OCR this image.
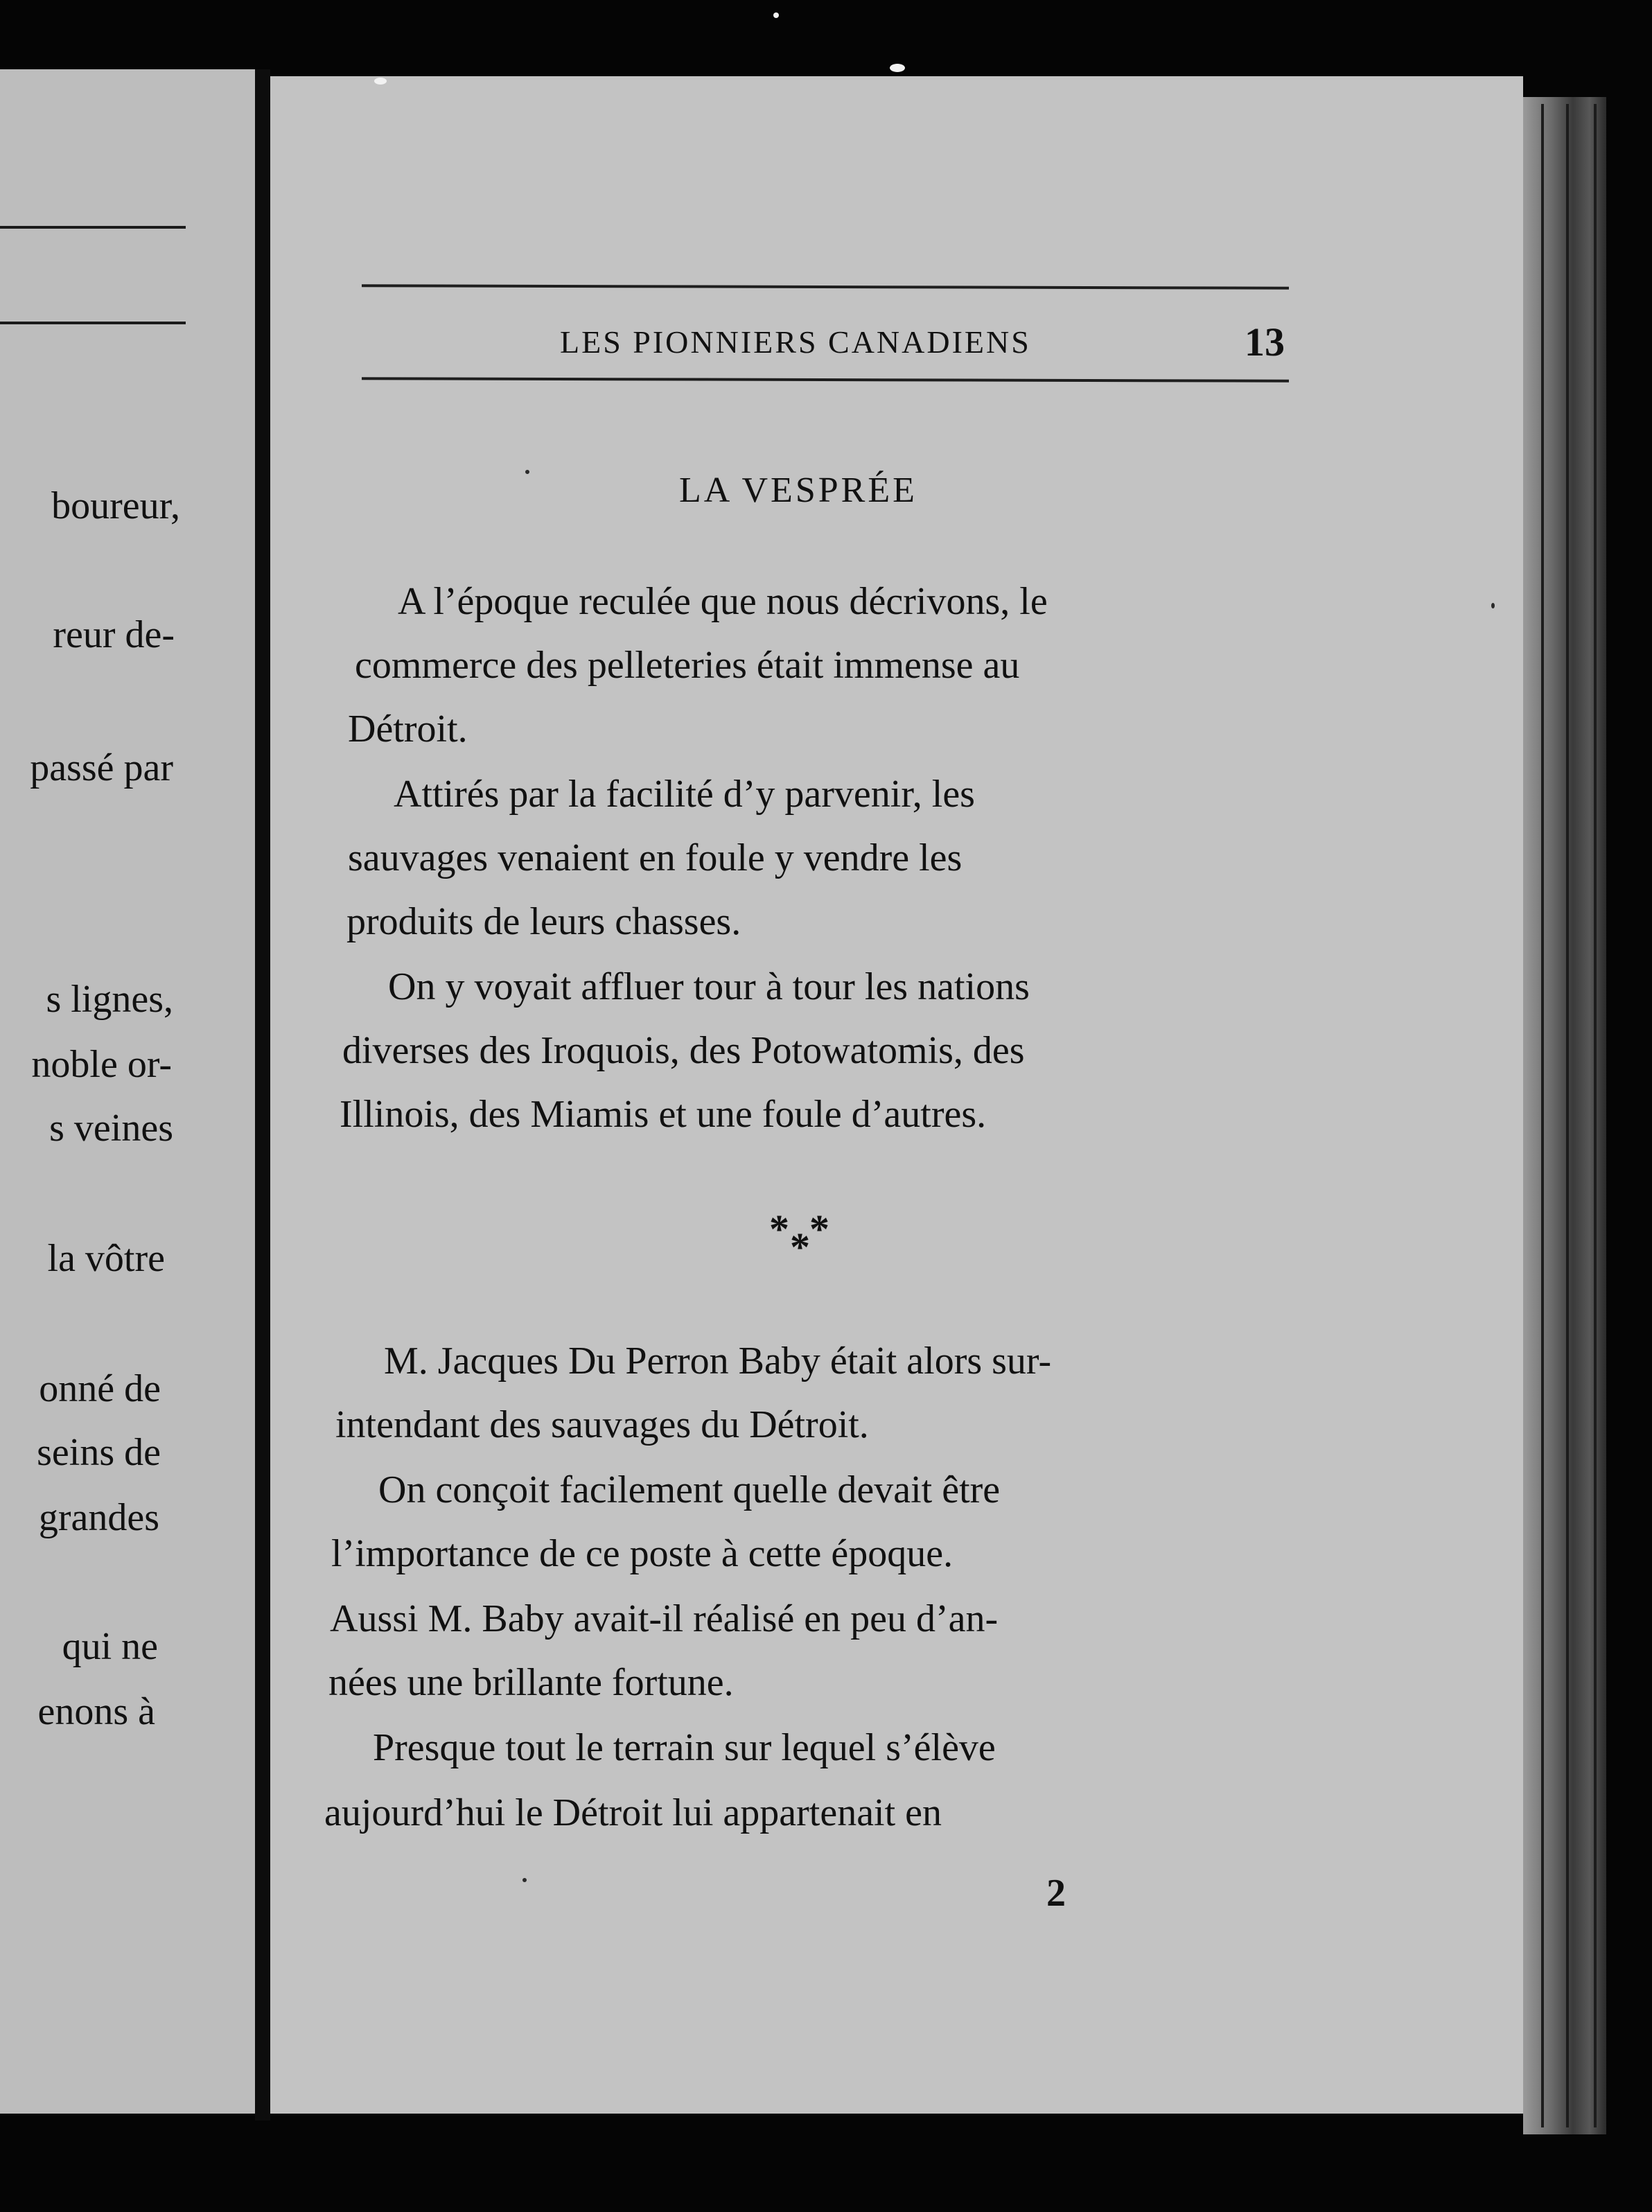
boureur,
reur de-
passé par
s lignes,
noble or-
s veines
la vôtre
onné de
seins de
grandes
qui ne
enons à
LES PIONNIERS CANADIENS	13
LA VESPRÉE
A l’époque reculée que nous décrivons, le
commerce des pelleteries était immense au
Détroit.
Attirés par la facilité d’y parvenir, les
sauvages venaient en foule y vendre les
produits de leurs chasses.
On y voyait affluer tour à tour les nations
diverses des Iroquois, des Potowatomis, des
Illinois, des Miamis et une foule d’autres.
* *
*
M. Jacques Du Perron Baby était alors sur-
intendant des sauvages du Détroit.
On conçoit facilement quelle devait être
l’importance de ce poste à cette époque.
Aussi M. Baby avait-il réalisé en peu d’an-
nées une brillante fortune.
Presque tout le terrain sur lequel s’élève
aujourd’hui le Détroit lui appartenait en
2
